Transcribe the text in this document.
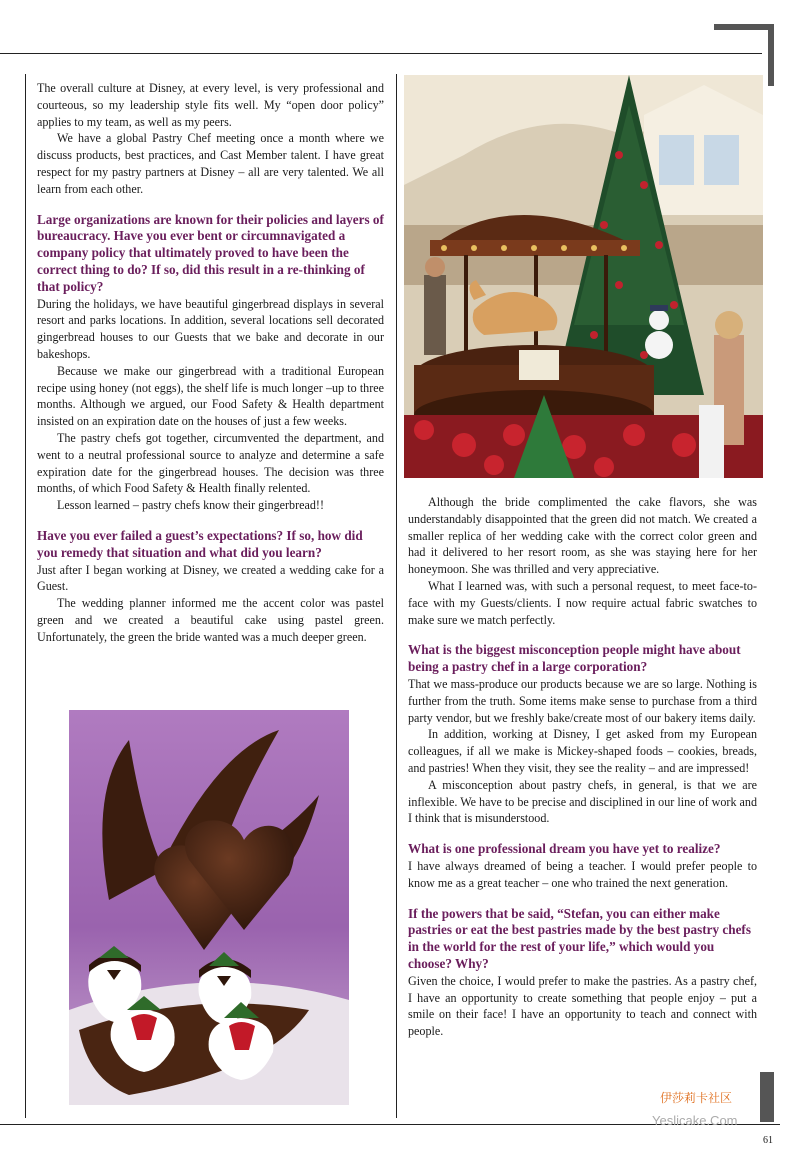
The overall culture at Disney, at every level, is very professional and courteous, so my leadership style fits well. My “open door policy” applies to my team, as well as my peers.

We have a global Pastry Chef meeting once a month where we discuss products, best practices, and Cast Member talent. I have great respect for my pastry partners at Disney – all are very talented. We all learn from each other.

Large organizations are known for their policies and layers of bureaucracy. Have you ever bent or circumnavigated a company policy that ultimately proved to have been the correct thing to do? If so, did this result in a re-thinking of that policy?

During the holidays, we have beautiful gingerbread displays in several resort and parks locations. In addition, several locations sell decorated gingerbread houses to our Guests that we bake and decorate in our bakeshops.

Because we make our gingerbread with a traditional European recipe using honey (not eggs), the shelf life is much longer –up to three months. Although we argued, our Food Safety & Health department insisted on an expiration date on the houses of just a few weeks.

The pastry chefs got together, circumvented the department, and went to a neutral professional source to analyze and determine a safe expiration date for the gingerbread houses. The decision was three months, of which Food Safety & Health finally relented.

Lesson learned – pastry chefs know their gingerbread!!

Have you ever failed a guest’s expectations? If so, how did you remedy that situation and what did you learn?

Just after I began working at Disney, we created a wedding cake for a Guest.

The wedding planner informed me the accent color was pastel green and we created a beautiful cake using pastel green. Unfortunately, the green the bride wanted was a much deeper green.

Although the bride complimented the cake flavors, she was understandably disappointed that the green did not match. We created a smaller replica of her wedding cake with the correct color green and had it delivered to her resort room, as she was staying here for her honeymoon. She was thrilled and very appreciative.

What I learned was, with such a personal request, to meet face-to-face with my Guests/clients. I now require actual fabric swatches to make sure we match perfectly.

What is the biggest misconception people might have about being a pastry chef in a large corporation?

That we mass-produce our products because we are so large. Nothing is further from the truth. Some items make sense to purchase from a third party vendor, but we freshly bake/create most of our bakery items daily.

In addition, working at Disney, I get asked from my European colleagues, if all we make is Mickey-shaped foods – cookies, breads, and pastries! When they visit, they see the reality – and are impressed!

A misconception about pastry chefs, in general, is that we are inflexible. We have to be precise and disciplined in our line of work and I think that is misunderstood.

What is one professional dream you have yet to realize?

I have always dreamed of being a teacher. I would prefer people to know me as a great teacher – one who trained the next generation.

If the powers that be said, “Stefan, you can either make pastries or eat the best pastries made by the best pastry chefs in the world for the rest of your life,” which would you choose? Why?

Given the choice, I would prefer to make the pastries. As a pastry chef, I have an opportunity to create something that people enjoy – put a smile on their face! I have an opportunity to teach and connect with people.

伊莎莉卡社区
Yeslicake.Com
61
